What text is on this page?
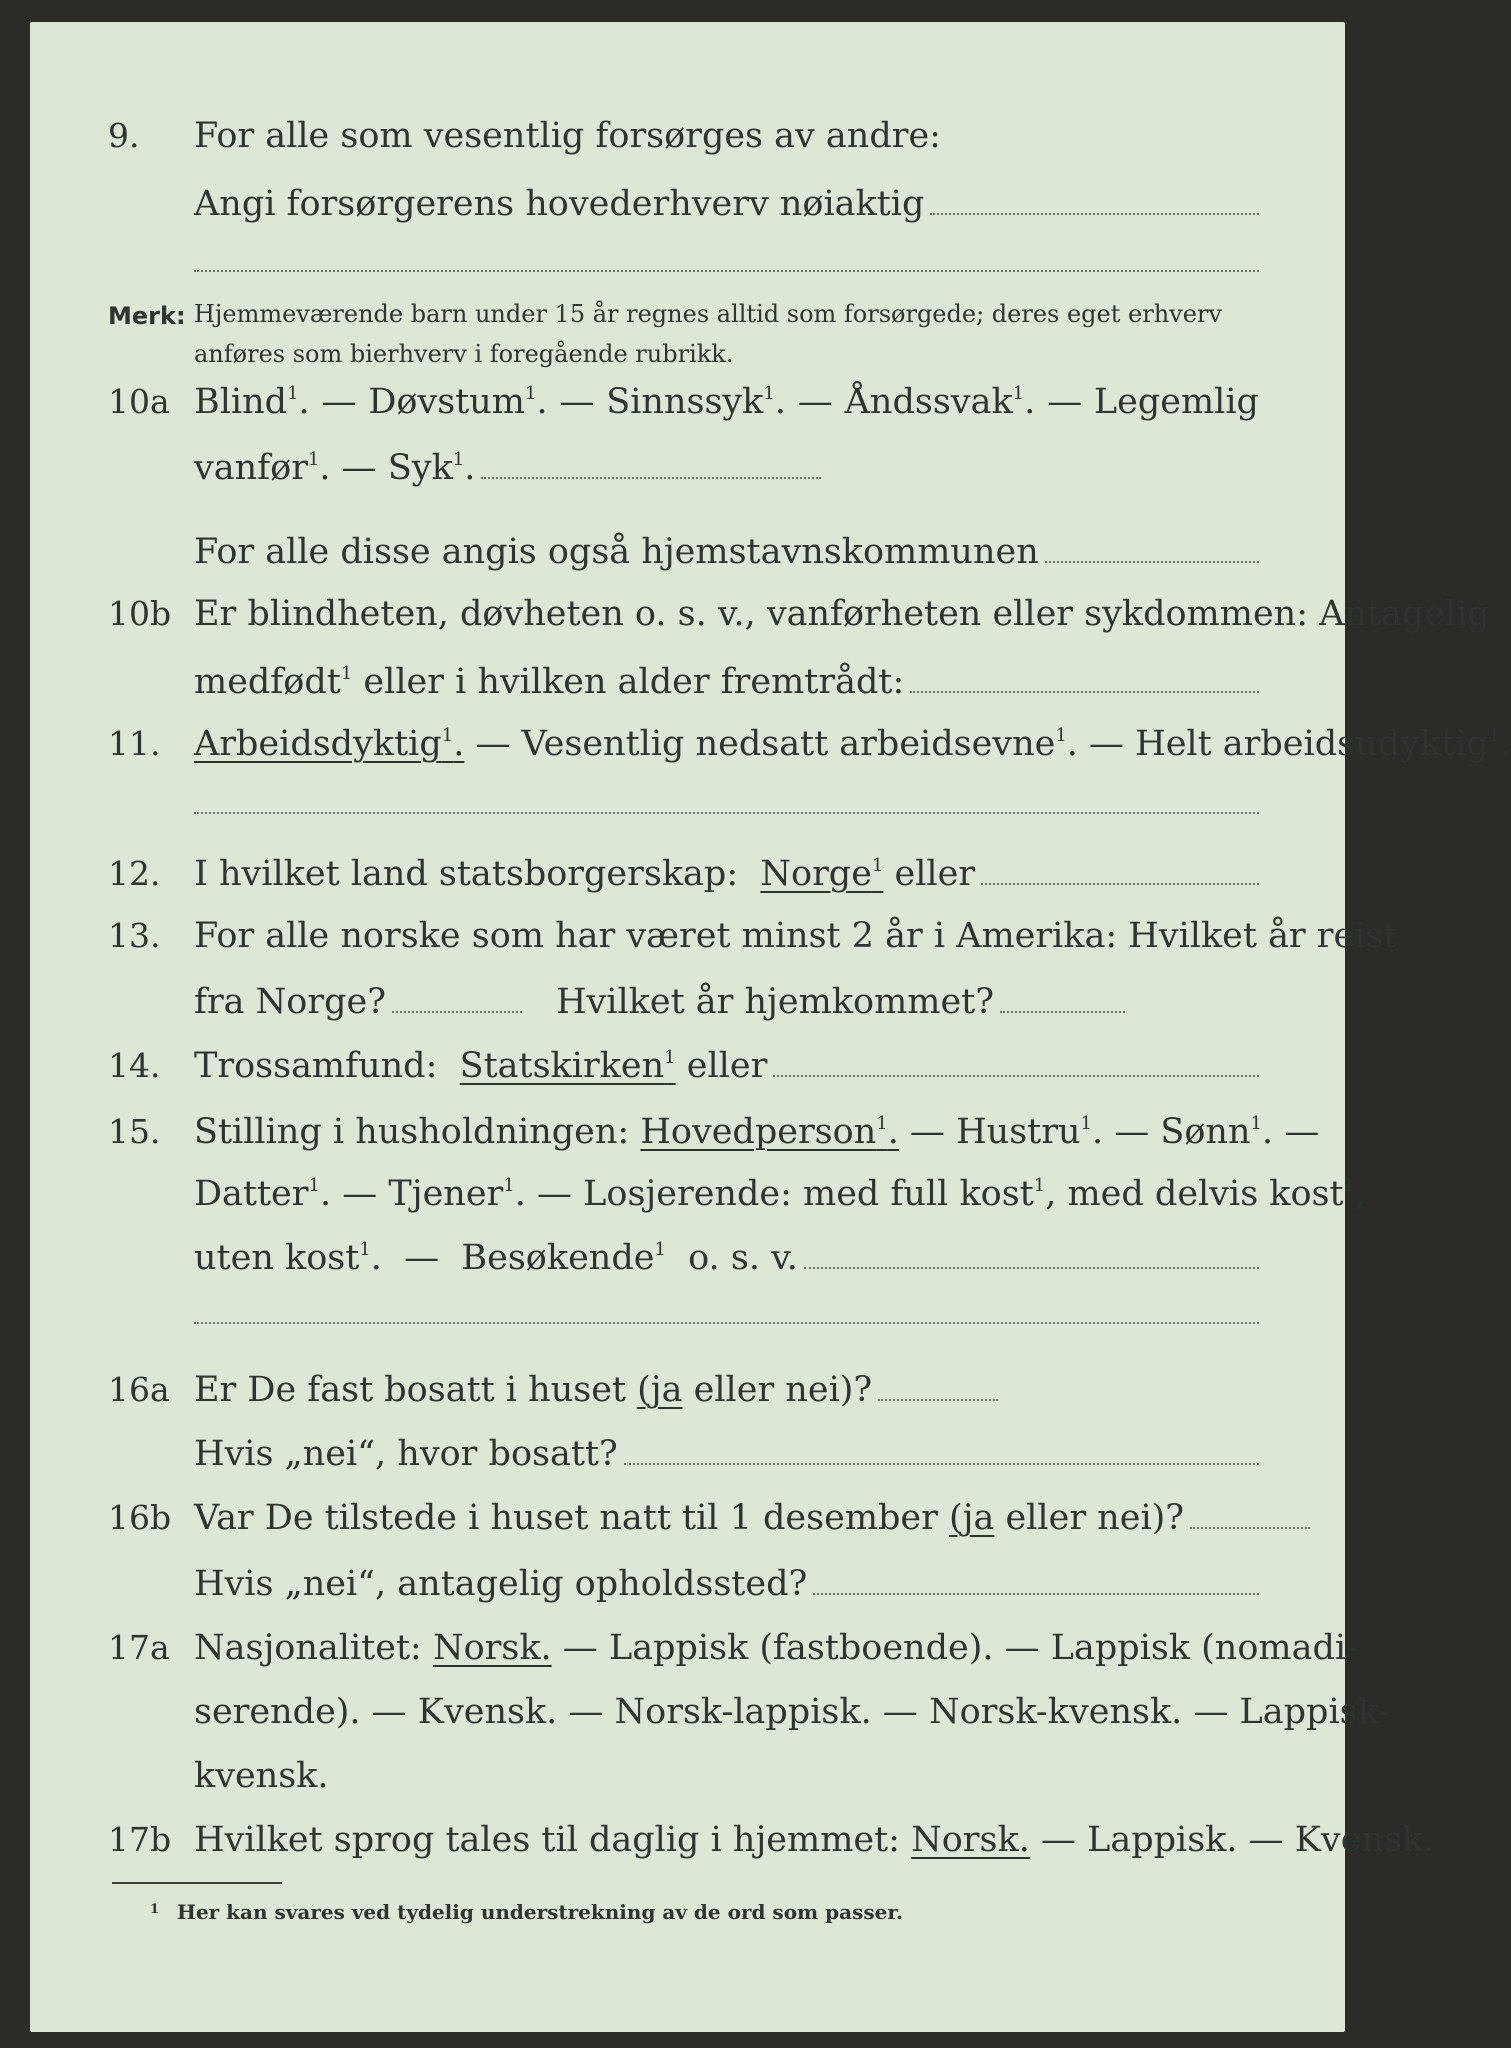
9.	For alle som vesentlig forsørges av andre:
Angi forsørgerens hovederhverv nøiaktig
Merk: Hjemmeværende barn under 15 år regnes alltid som forsørgede; deres eget erhverv anføres som bierhverv i foregående rubrikk.
10a Blind$^1$. — Døvstum$^1$. — Sinnssyk$^1$. — Åndssvak$^1$. — Legemlig
vanfør$^1$. — Syk$^1$.
For alle disse angis også hjemstavnskommunen
10b Er blindheten, døvheten o. s. v., vanførheten eller sykdommen: Antagelig
medfødt$^1$
eller i hvilken alder fremtrådt:
11. Arbeidsdyktig$^1$. — Vesentlig nedsatt arbeidsevne$^1$. — Helt arbeidsudyktig$^1$.
12. I hvilket land statsborgerskap:
Norge$^1$
eller
13. For alle norske som har været minst 2 år i Amerika: Hvilket år reist
fra Norge?	Hvilket år hjemkommet?
14. Trossamfund:
Statskirken$^1$
eller
15. Stilling i husholdningen: Hovedperson$^1$. — Hustru$^1$. — Sønn$^1$. —
Datter$^1$. — Tjener$^1$. — Losjerende: med full kost$^1$, med delvis kost$^1$,
uten kost$^1$. — Besøkende$^1$
o. s. v.
16a Er De fast bosatt i huset
(ja
eller nei)?
Hvis „nei“, hvor bosatt?
16b Var De tilstede i huset natt til 1 desember
(ja
eller nei)?
Hvis „nei“, antagelig opholdssted?
17a Nasjonalitet: Norsk. — Lappisk (fastboende). — Lappisk (nomadi-
serende). — Kvensk. — Norsk-lappisk. — Norsk-kvensk. — Lappisk-
kvensk.
17b Hvilket sprog tales til daglig i hjemmet: Norsk. — Lappisk. — Kvensk.
$^1$ Her kan svares ved tydelig understrekning av de ord som passer.
